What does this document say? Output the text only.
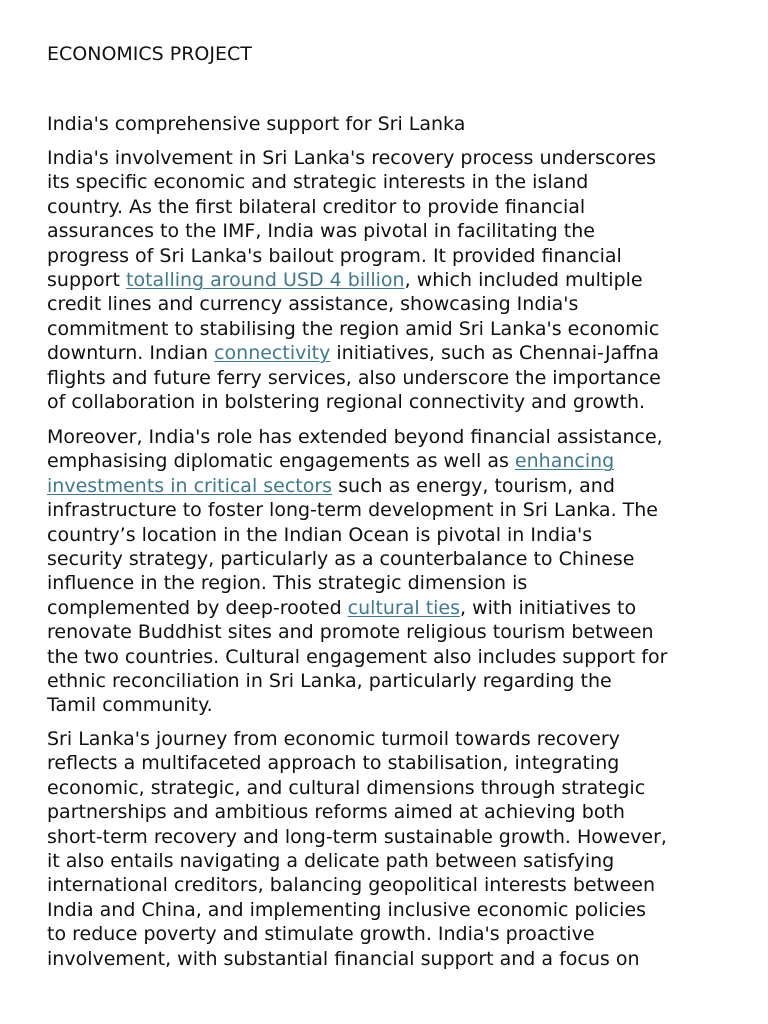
ECONOMICS PROJECT
India's comprehensive support for Sri Lanka

India's involvement in Sri Lanka's recovery process underscores
its specific economic and strategic interests in the island
country. As the first bilateral creditor to provide financial
assurances to the IMF, India was pivotal in facilitating the
progress of Sri Lanka's bailout program. It provided financial
support totalling around USD 4 billion, which included multiple
credit lines and currency assistance, showcasing India's
commitment to stabilising the region amid Sri Lanka's economic
downturn. Indian connectivity initiatives, such as Chennai-Jaffna
flights and future ferry services, also underscore the importance
of collaboration in bolstering regional connectivity and growth.

Moreover, India's role has extended beyond financial assistance,
emphasising diplomatic engagements as well as enhancing
investments in critical sectors such as energy, tourism, and
infrastructure to foster long-term development in Sri Lanka. The
country’s location in the Indian Ocean is pivotal in India's
security strategy, particularly as a counterbalance to Chinese
influence in the region. This strategic dimension is
complemented by deep-rooted cultural ties, with initiatives to
renovate Buddhist sites and promote religious tourism between
the two countries. Cultural engagement also includes support for
ethnic reconciliation in Sri Lanka, particularly regarding the
Tamil community.

Sri Lanka's journey from economic turmoil towards recovery
reflects a multifaceted approach to stabilisation, integrating
economic, strategic, and cultural dimensions through strategic
partnerships and ambitious reforms aimed at achieving both
short-term recovery and long-term sustainable growth. However,
it also entails navigating a delicate path between satisfying
international creditors, balancing geopolitical interests between
India and China, and implementing inclusive economic policies
to reduce poverty and stimulate growth. India's proactive
involvement, with substantial financial support and a focus on
